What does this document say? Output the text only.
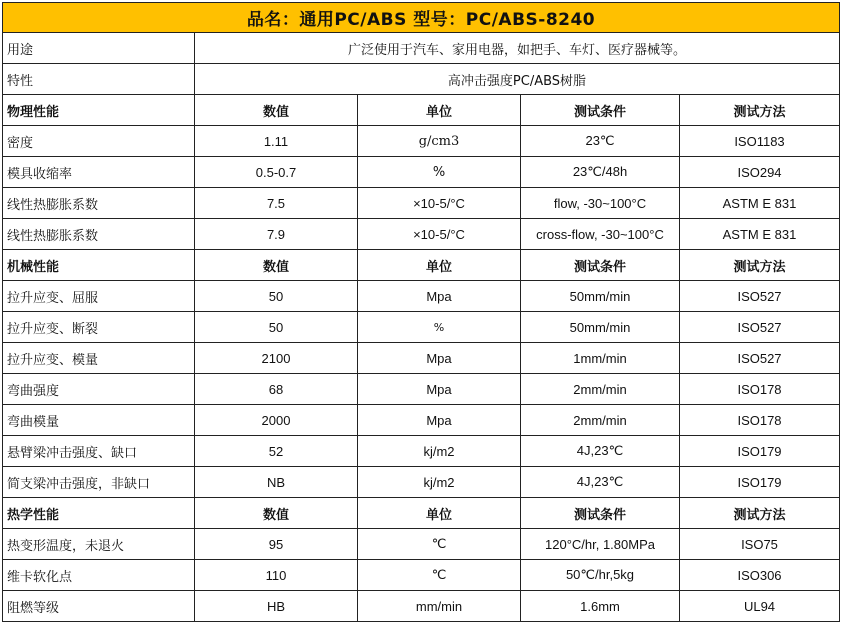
品名：通用PC/ABS 型号：PC/ABS-8240				
用途	广泛使用于汽车、家用电器，如把手、车灯、医疗器械等。			
特性	高冲击强度PC/ABS树脂			
物理性能	数值	单位	测试条件	测试方法
密度	1.11	g/cm3	23℃	ISO1183
模具收缩率	0.5-0.7	%	23℃/48h	ISO294
线性热膨胀系数	7.5	×10-5/°C	flow, -30~100°C	ASTM E 831
线性热膨胀系数	7.9	×10-5/°C	cross-flow, -30~100°C	ASTM E 831
机械性能	数值	单位	测试条件	测试方法
拉升应变、屈服	50	Mpa	50mm/min	ISO527
拉升应变、断裂	50	%	50mm/min	ISO527
拉升应变、模量	2100	Mpa	1mm/min	ISO527
弯曲强度	68	Mpa	2mm/min	ISO178
弯曲模量	2000	Mpa	2mm/min	ISO178
悬臂梁冲击强度、缺口	52	kj/m2	4J,23℃	ISO179
简支梁冲击强度，非缺口	NB	kj/m2	4J,23℃	ISO179
热学性能	数值	单位	测试条件	测试方法
热变形温度，未退火	95	℃	120°C/hr, 1.80MPa	ISO75
维卡软化点	110	℃	50℃/hr,5kg	ISO306
阻燃等级	HB	mm/min	1.6mm	UL94
